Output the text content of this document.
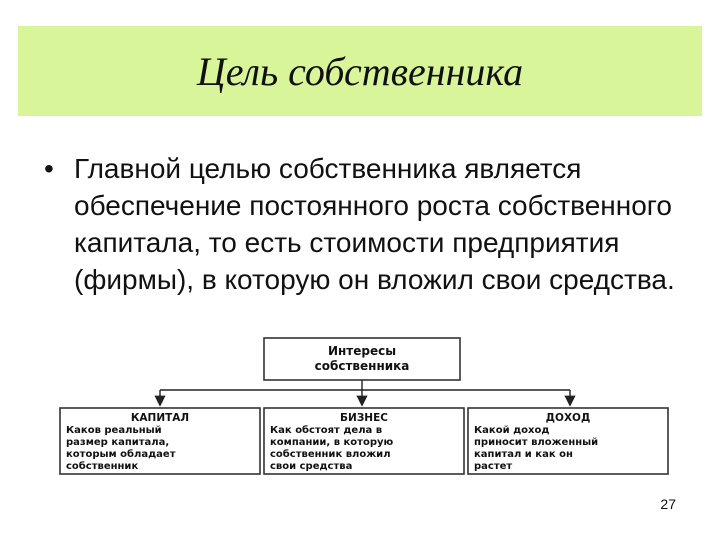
Цель собственника
• Главной целью собственника является обеспечение постоянного роста собственного капитала, то есть стоимости предприятия (фирмы), в которую он вложил свои средства.
Интересы
собственника
КАПИТАЛ
Каков реальный
размер капитала,
которым обладает
собственник
БИЗНЕС
Как обстоят дела в
компании, в которую
собственник вложил
свои средства
ДОХОД
Какой доход
приносит вложенный
капитал и как он
растет
27
